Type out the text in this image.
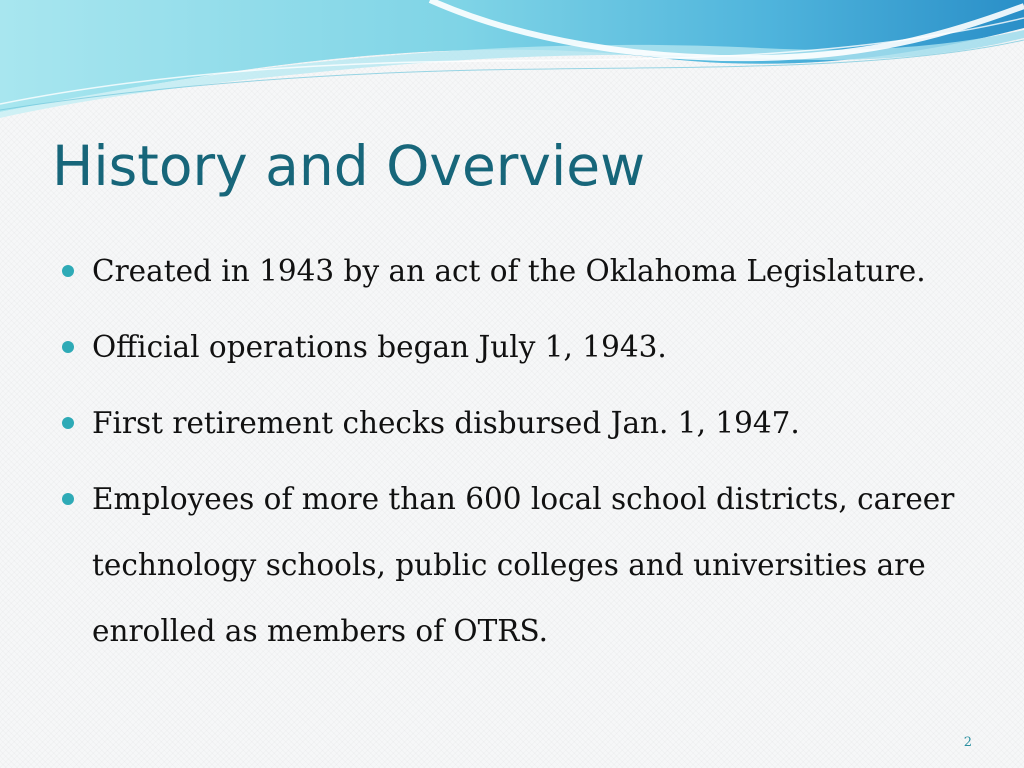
History and Overview
Created in 1943 by an act of the Oklahoma Legislature.
Official operations began July 1, 1943.
First retirement checks disbursed Jan. 1, 1947.
Employees of more than 600 local school districts, career technology schools, public colleges and universities are enrolled as members of OTRS.
2
